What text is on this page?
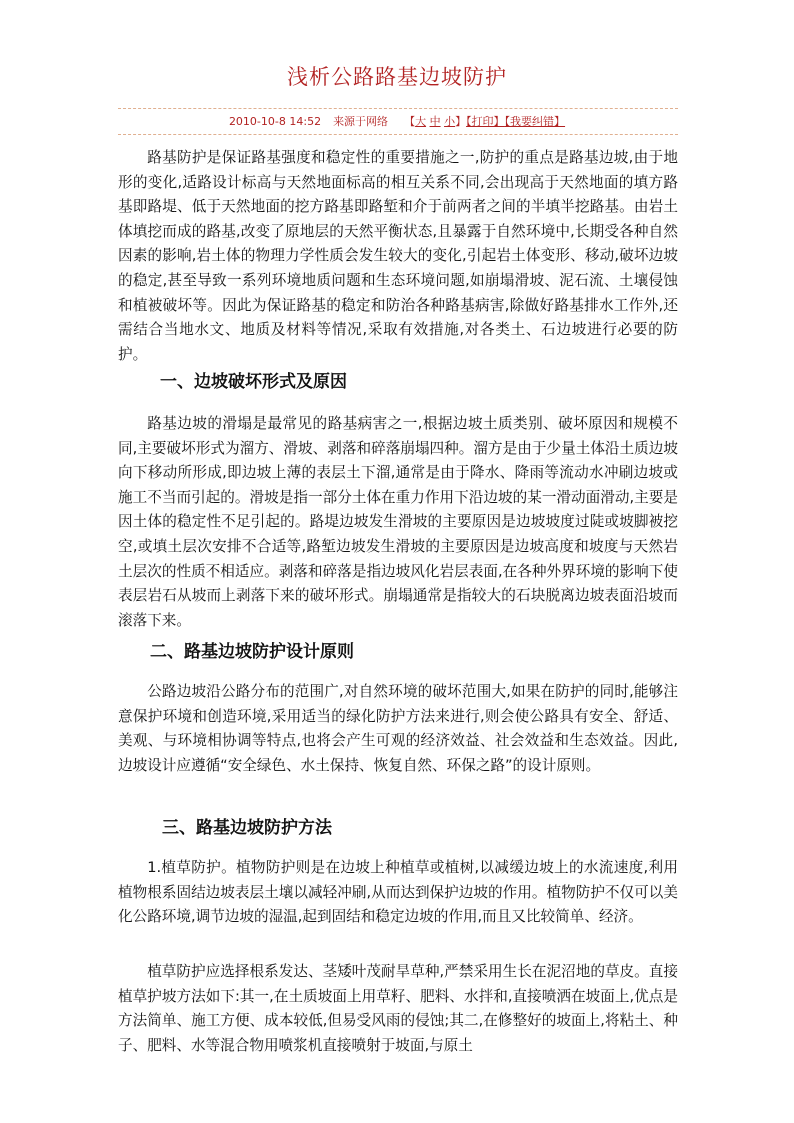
浅析公路路基边坡防护
2010-10-8 14:52 来源于网络 【大 中 小】【打印】【我要纠错】

路基防护是保证路基强度和稳定性的重要措施之一,防护的重点是路基边坡,由于地形的变化,适路设计标高与天然地面标高的相互关系不同,会出现高于天然地面的填方路基即路堤、低于天然地面的挖方路基即路堑和介于前两者之间的半填半挖路基。由岩土体填挖而成的路基,改变了原地层的天然平衡状态,且暴露于自然环境中,长期受各种自然因素的影响,岩土体的物理力学性质会发生较大的变化,引起岩土体变形、移动,破坏边坡的稳定,甚至导致一系列环境地质问题和生态环境问题,如崩塌滑坡、泥石流、土壤侵蚀和植被破坏等。因此为保证路基的稳定和防治各种路基病害,除做好路基排水工作外,还需结合当地水文、地质及材料等情况,采取有效措施,对各类土、石边坡进行必要的防护。

一、边坡破坏形式及原因

路基边坡的滑塌是最常见的路基病害之一,根据边坡土质类别、破坏原因和规模不同,主要破坏形式为溜方、滑坡、剥落和碎落崩塌四种。溜方是由于少量土体沿土质边坡向下移动所形成,即边坡上薄的表层土下溜,通常是由于降水、降雨等流动水冲刷边坡或施工不当而引起的。滑坡是指一部分土体在重力作用下沿边坡的某一滑动面滑动,主要是因土体的稳定性不足引起的。路堤边坡发生滑坡的主要原因是边坡坡度过陡或坡脚被挖空,或填土层次安排不合适等,路堑边坡发生滑坡的主要原因是边坡高度和坡度与天然岩土层次的性质不相适应。剥落和碎落是指边坡风化岩层表面,在各种外界环境的影响下使表层岩石从坡而上剥落下来的破坏形式。崩塌通常是指较大的石块脱离边坡表面沿坡而滚落下来。

二、路基边坡防护设计原则

公路边坡沿公路分布的范围广,对自然环境的破坏范围大,如果在防护的同时,能够注意保护环境和创造环境,采用适当的绿化防护方法来进行,则会使公路具有安全、舒适、美观、与环境相协调等特点,也将会产生可观的经济效益、社会效益和生态效益。因此,边坡设计应遵循“安全绿色、水土保持、恢复自然、环保之路”的设计原则。

三、路基边坡防护方法

1.植草防护。植物防护则是在边坡上种植草或植树,以减缓边坡上的水流速度,利用植物根系固结边坡表层土壤以减轻冲刷,从而达到保护边坡的作用。植物防护不仅可以美化公路环境,调节边坡的湿温,起到固结和稳定边坡的作用,而且又比较简单、经济。

植草防护应选择根系发达、茎矮叶茂耐旱草种,严禁采用生长在泥沼地的草皮。直接植草护坡方法如下:其一,在土质坡面上用草籽、肥料、水拌和,直接喷洒在坡面上,优点是方法简单、施工方便、成本较低,但易受风雨的侵蚀;其二,在修整好的坡面上,将粘土、种子、肥料、水等混合物用喷浆机直接喷射于坡面,与原土
